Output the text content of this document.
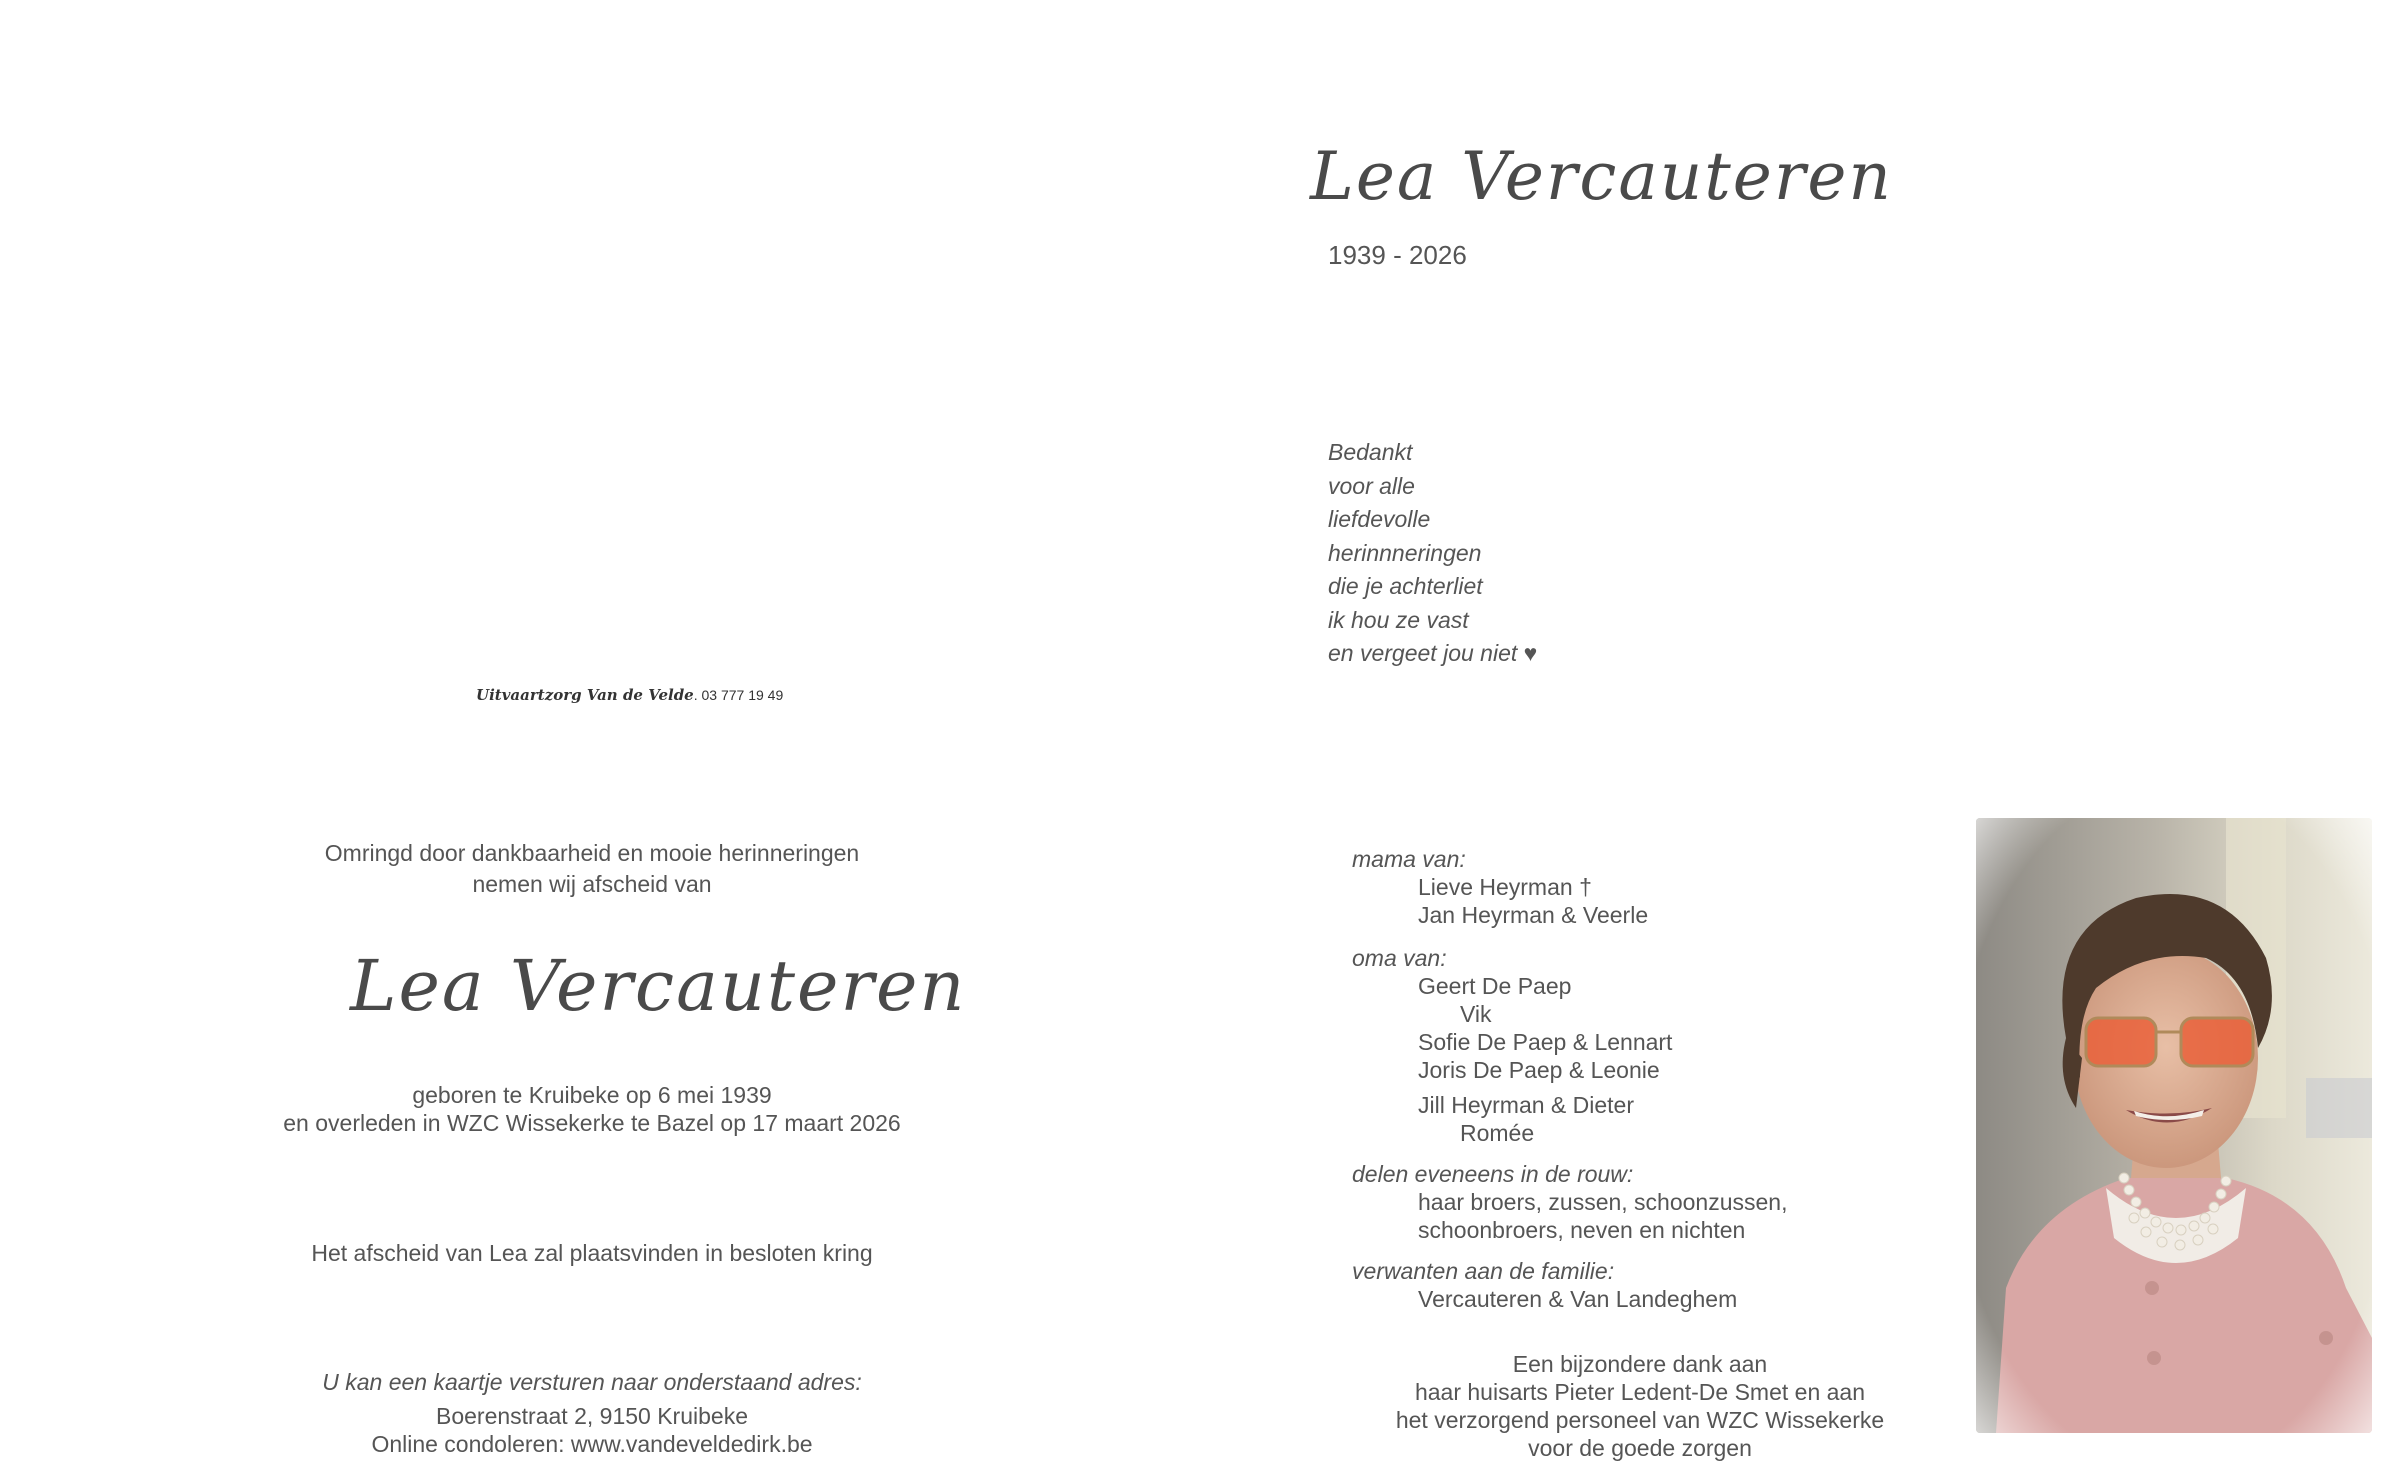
Uitvaartzorg Van de Velde. 03 777 19 49
Lea Vercauteren
1939 - 2026
Bedankt
voor alle
liefdevolle
herinnneringen
die je achterliet
ik hou ze vast
en vergeet jou niet ♥
Omringd door dankbaarheid en mooie herinneringen
nemen wij afscheid van
Lea Vercauteren
geboren te Kruibeke op 6 mei 1939
en overleden in WZC Wissekerke te Bazel op 17 maart 2026
Het afscheid van Lea zal plaatsvinden in besloten kring
U kan een kaartje versturen naar onderstaand adres:
Boerenstraat 2, 9150 Kruibeke
Online condoleren: www.vandeveldedirk.be
mama van:
Lieve Heyrman †
Jan Heyrman & Veerle
oma van:
Geert De Paep
Vik
Sofie De Paep & Lennart
Joris De Paep & Leonie
Jill Heyrman & Dieter
Romée
delen eveneens in de rouw:
haar broers, zussen, schoonzussen,
schoonbroers, neven en nichten
verwanten aan de familie:
Vercauteren & Van Landeghem
Een bijzondere dank aan
haar huisarts Pieter Ledent-De Smet en aan
het verzorgend personeel van WZC Wissekerke
voor de goede zorgen
